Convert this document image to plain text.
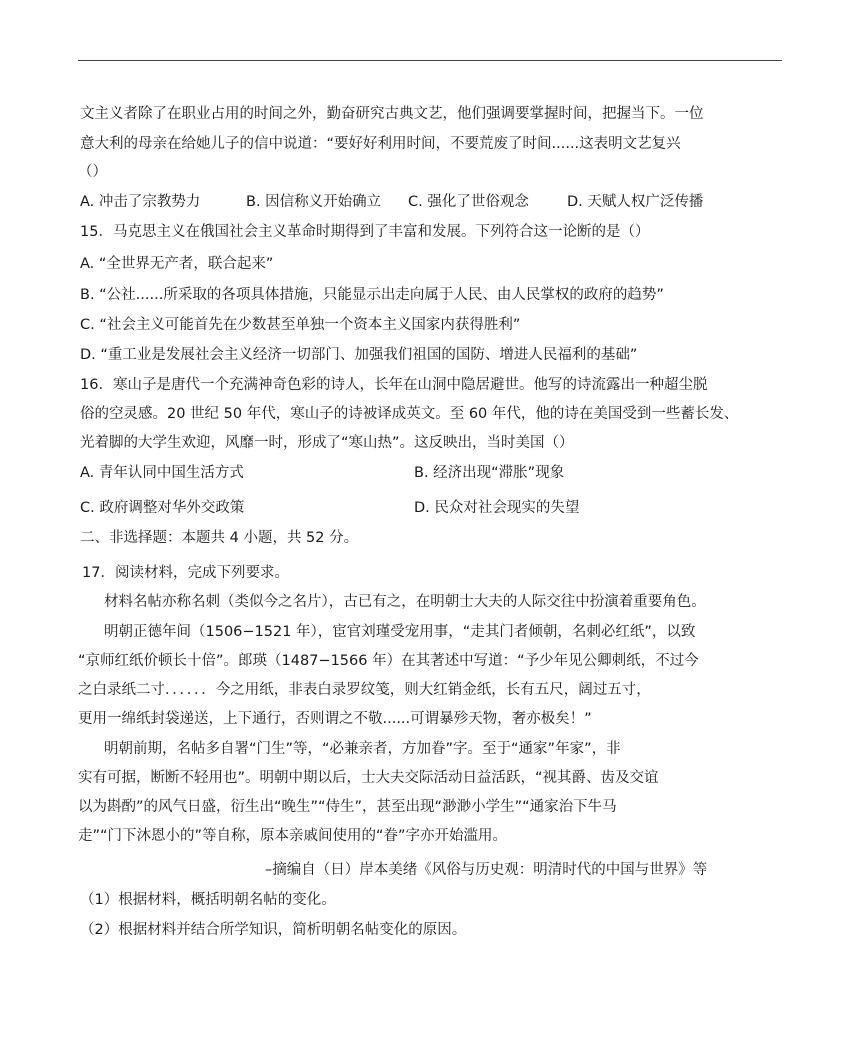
文主义者除了在职业占用的时间之外，勤奋研究古典文艺，他们强调要掌握时间，把握当下。一位
意大利的母亲在给她儿子的信中说道：“要好好利用时间，不要荒废了时间......这表明文艺复兴
（）
A. 冲击了宗教势力	B. 因信称义开始确立 C. 强化了世俗观念	D. 天赋人权广泛传播
15．马克思主义在俄国社会主义革命时期得到了丰富和发展。下列符合这一论断的是（）
A. “全世界无产者，联合起来”
B. “公社......所采取的各项具体措施，只能显示出走向属于人民、由人民掌权的政府的趋势”
C. “社会主义可能首先在少数甚至单独一个资本主义国家内获得胜利”
D. “重工业是发展社会主义经济一切部门、加强我们祖国的国防、增进人民福利的基础”
16．寒山子是唐代一个充满神奇色彩的诗人，长年在山洞中隐居避世。他写的诗流露出一种超尘脱
俗的空灵感。20 世纪 50 年代，寒山子的诗被译成英文。至 60 年代，他的诗在美国受到一些蓄长发、
光着脚的大学生欢迎，风靡一时，形成了“寒山热”。这反映出，当时美国（）
A. 青年认同中国生活方式	B. 经济出现“滞胀”现象
C. 政府调整对华外交政策	D. 民众对社会现实的失望
二、非选择题：本题共 4 小题，共 52 分。
17．阅读材料，完成下列要求。
材料名帖亦称名刺（类似今之名片），古已有之，在明朝士大夫的人际交往中扮演着重要角色。
明朝正德年间（1506−1521 年），宦官刘瑾受宠用事，“走其门者倾朝，名刺必红纸”，以致
“京师红纸价顿长十倍”。郎瑛（1487−1566 年）在其著述中写道：“予少年见公卿刺纸，不过今
之白录纸二寸．．．．．．今之用纸，非表白录罗纹笺，则大红销金纸，长有五尺，阔过五寸，
更用一绵纸封袋递送，上下通行，否则谓之不敬......可谓暴殄天物，奢亦极矣！”
明朝前期，名帖多自署“门生”等，“必兼亲者，方加眷”字。至于“通家”年家”，非
实有可据，断断不轻用也”。明朝中期以后，士大夫交际活动日益活跃，“视其爵、齿及交谊
以为斟酌”的风气日盛，衍生出“晚生”“侍生”，甚至出现“渺渺小学生”“通家治下牛马
走”“门下沐恩小的”等自称，原本亲戚间使用的“眷”字亦开始滥用。
–摘编自（日）岸本美绪《风俗与历史观：明清时代的中国与世界》等
（1）根据材料，概括明朝名帖的变化。
（2）根据材料并结合所学知识，简析明朝名帖变化的原因。
